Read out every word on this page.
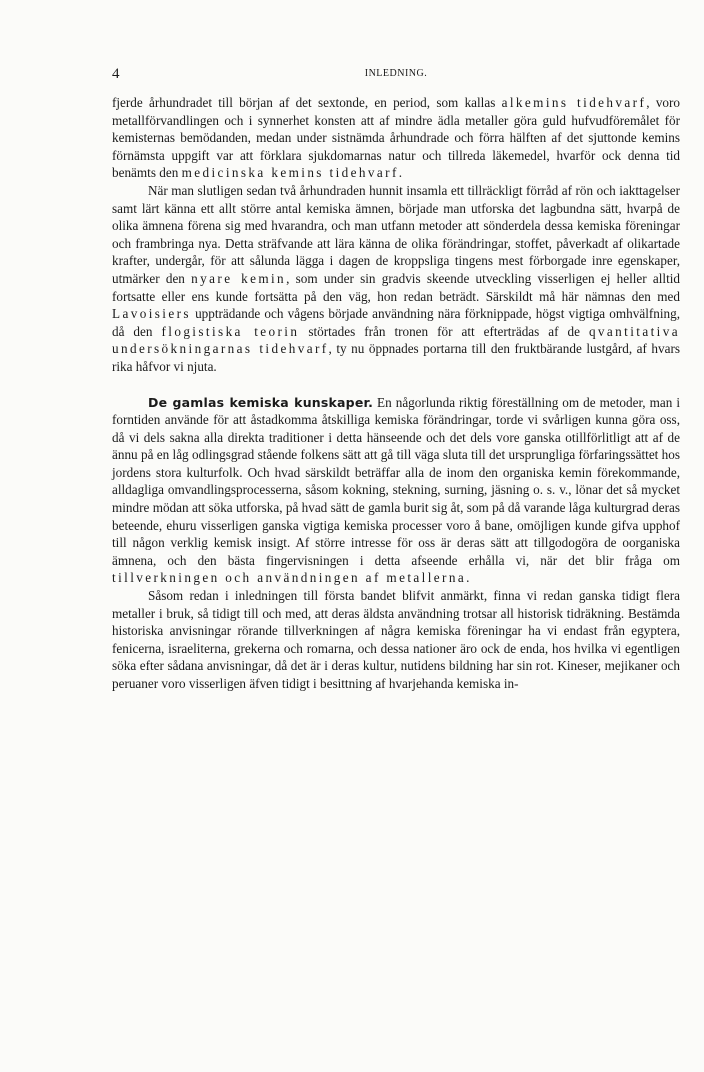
4	INLEDNING.

fjerde århundradet till början af det sextonde, en period, som kallas alkemins tidehvarf, voro metallförvandlingen och i synnerhet konsten att af mindre ädla metaller göra guld hufvudföremålet för kemisternas bemödanden, medan under sistnämda århundrade och förra hälften af det sjuttonde kemins förnämsta uppgift var att förklara sjukdomarnas natur och tillreda läkemedel, hvarför ock denna tid benämts den medicinska kemins tidehvarf.

När man slutligen sedan två århundraden hunnit insamla ett tillräckligt förråd af rön och iakttagelser samt lärt känna ett allt större antal kemiska ämnen, började man utforska det lagbundna sätt, hvarpå de olika ämnena förena sig med hvarandra, och man utfann metoder att sönderdela dessa kemiska föreningar och frambringa nya. Detta sträfvande att lära känna de olika förändringar, stoffet, påverkadt af olikartade krafter, undergår, för att sålunda lägga i dagen de kroppsliga tingens mest förborgade inre egenskaper, utmärker den nyare kemin, som under sin gradvis skeende utveckling visserligen ej heller alltid fortsatte eller ens kunde fortsätta på den väg, hon redan beträdt. Särskildt må här nämnas den med Lavoisiers uppträdande och vågens började användning nära förknippade, högst vigtiga omhvälfning, då den flogistiska teorin störtades från tronen för att efterträdas af de qvantitativa undersökningarnas tidehvarf, ty nu öppnades portarna till den fruktbärande lustgård, af hvars rika håfvor vi njuta.

De gamlas kemiska kunskaper. En någorlunda riktig föreställning om de metoder, man i forntiden använde för att åstadkomma åtskilliga kemiska förändringar, torde vi svårligen kunna göra oss, då vi dels sakna alla direkta traditioner i detta hänseende och det dels vore ganska otillförlitligt att af de ännu på en låg odlingsgrad stående folkens sätt att gå till väga sluta till det ursprungliga förfaringssättet hos jordens stora kulturfolk. Och hvad särskildt beträffar alla de inom den organiska kemin förekommande, alldagliga omvandlingsprocesserna, såsom kokning, stekning, surning, jäsning o. s. v., lönar det så mycket mindre mödan att söka utforska, på hvad sätt de gamla burit sig åt, som på då varande låga kulturgrad deras beteende, ehuru visserligen ganska vigtiga kemiska processer voro å bane, omöjligen kunde gifva upphof till någon verklig kemisk insigt. Af större intresse för oss är deras sätt att tillgodogöra de oorganiska ämnena, och den bästa fingervisningen i detta afseende erhålla vi, när det blir fråga om tillverkningen och användningen af metallerna.

Såsom redan i inledningen till första bandet blifvit anmärkt, finna vi redan ganska tidigt flera metaller i bruk, så tidigt till och med, att deras äldsta användning trotsar all historisk tidräkning. Bestämda historiska anvisningar rörande tillverkningen af några kemiska föreningar ha vi endast från egyptera, fenicerna, israeliterna, grekerna och romarna, och dessa nationer äro ock de enda, hos hvilka vi egentligen söka efter sådana anvisningar, då det är i deras kultur, nutidens bildning har sin rot. Kineser, mejikaner och peruaner voro visserligen äfven tidigt i besittning af hvarjehanda kemiska in-
